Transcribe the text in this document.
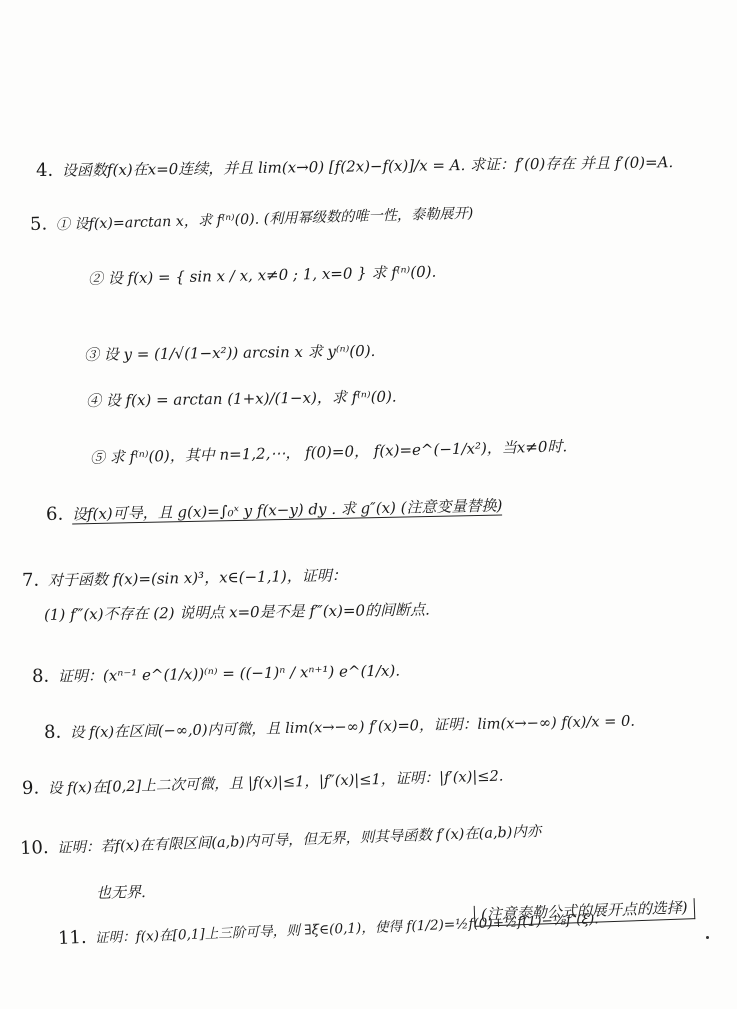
4. 设函数f(x)在x=0连续，并且 lim(x→0) [f(2x)−f(x)]/x = A. 求证：f′(0)存在 并且 f′(0)=A.
5. ① 设f(x)=arctan x，求 f⁽ⁿ⁾(0). (利用幂级数的唯一性，泰勒展开)
② 设 f(x) = { sin x / x, x≠0 ; 1, x=0 } 求 f⁽ⁿ⁾(0).
③ 设 y = (1/√(1−x²)) arcsin x 求 y⁽ⁿ⁾(0).
④ 设 f(x) = arctan (1+x)/(1−x)，求 f⁽ⁿ⁾(0).
⑤ 求 f⁽ⁿ⁾(0)，其中 n=1,2,⋯， f(0)=0， f(x)=e^(−1/x²)，当x≠0时.
6. 设f(x)可导，且 g(x)=∫₀ˣ y f(x−y) dy . 求 g″(x) (注意变量替换)
7. 对于函数 f(x)=(sin x)³，x∈(−1,1)，证明：
(1) f‴(x)不存在 (2) 说明点 x=0是不是 f‴(x)=0的间断点.
8. 证明：(xⁿ⁻¹ e^(1/x))⁽ⁿ⁾ = ((−1)ⁿ / xⁿ⁺¹) e^(1/x).
8. 设 f(x)在区间(−∞,0)内可微，且 lim(x→−∞) f′(x)=0，证明：lim(x→−∞) f(x)/x = 0.
9. 设 f(x)在[0,2]上二次可微，且 |f(x)|≤1，|f″(x)|≤1，证明：|f′(x)|≤2.
10. 证明：若f(x)在有限区间(a,b)内可导，但无界，则其导函数 f′(x)在(a,b)内亦
也无界.
11. 证明：f(x)在[0,1]上三阶可导，则 ∃ξ∈(0,1)，使得 f(1/2)=½f(0)+½f(1)−⅛f″(ξ).
(注意泰勒公式的展开点的选择)
